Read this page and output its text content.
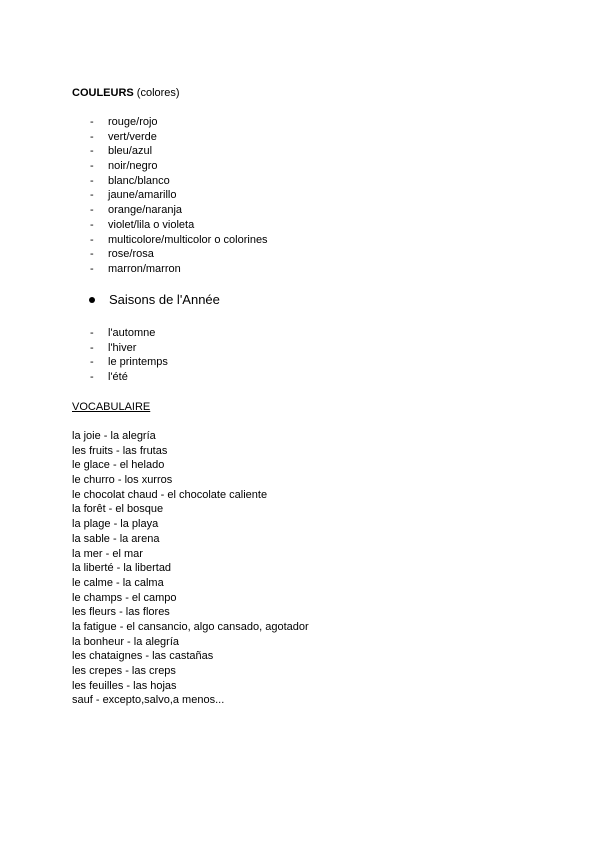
COULEURS (colores)
- rouge/rojo
- vert/verde
- bleu/azul
- noir/negro
- blanc/blanco
- jaune/amarillo
- orange/naranja
- violet/lila o violeta
- multicolore/multicolor o colorines
- rose/rosa
- marron/marron
Saisons de l'Année
- l'automne
- l'hiver
- le printemps
- l'été
VOCABULAIRE
la joie - la alegría
les fruits - las frutas
le glace - el helado
le churro - los xurros
le chocolat chaud - el chocolate caliente
la forêt - el bosque
la plage - la playa
la sable - la arena
la mer - el mar
la liberté - la libertad
le calme - la calma
le champs - el campo
les fleurs - las flores
la fatigue - el cansancio, algo cansado, agotador
la bonheur - la alegría
les chataignes - las castañas
les crepes - las creps
les feuilles - las hojas
sauf - excepto,salvo,a menos...
